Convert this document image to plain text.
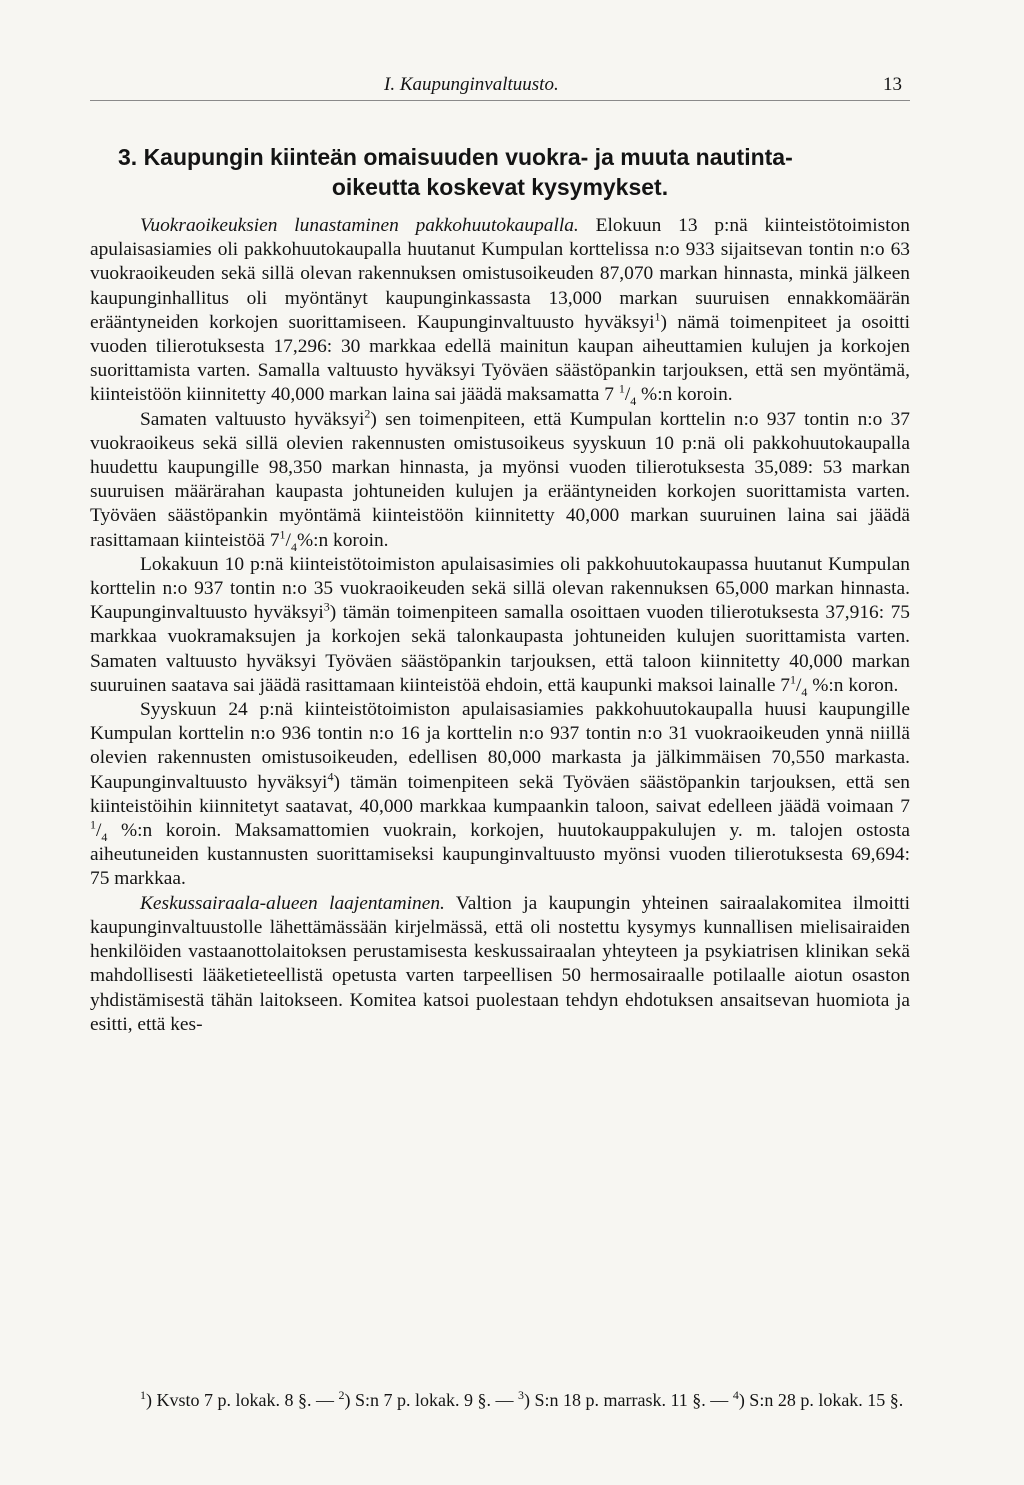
I. Kaupunginvaltuusto.	13
3. Kaupungin kiinteän omaisuuden vuokra- ja muuta nautinta-
oikeutta koskevat kysymykset.

Vuokraoikeuksien lunastaminen pakkohuutokaupalla. Elokuun 13 p:nä kiinteistötoimiston apulaisasiamies oli pakkohuutokaupalla huutanut Kumpulan korttelissa n:o 933 sijaitsevan tontin n:o 63 vuokraoikeuden sekä sillä olevan rakennuksen omistusoikeuden 87,070 markan hinnasta, minkä jälkeen kaupunginhallitus oli myöntänyt kaupunginkassasta 13,000 markan suuruisen ennakkomäärän erääntyneiden korkojen suorittamiseen. Kaupunginvaltuusto hyväksyi$^1$) nämä toimenpiteet ja osoitti vuoden tilierotuksesta 17,296: 30 markkaa edellä mainitun kaupan aiheuttamien kulujen ja korkojen suorittamista varten. Samalla valtuusto hyväksyi Työväen säästöpankin tarjouksen, että sen myöntämä, kiinteistöön kiinnitetty 40,000 markan laina sai jäädä maksamatta 7 $^1/_4$ %:n koroin.

Samaten valtuusto hyväksyi$^2$) sen toimenpiteen, että Kumpulan korttelin n:o 937 tontin n:o 37 vuokraoikeus sekä sillä olevien rakennusten omistusoikeus syyskuun 10 p:nä oli pakkohuutokaupalla huudettu kaupungille 98,350 markan hinnasta, ja myönsi vuoden tilierotuksesta 35,089: 53 markan suuruisen määrärahan kaupasta johtuneiden kulujen ja erääntyneiden korkojen suorittamista varten. Työväen säästöpankin myöntämä kiinteistöön kiinnitetty 40,000 markan suuruinen laina sai jäädä rasittamaan kiinteistöä $7^1/_4\%:n$ koroin.

Lokakuun 10 p:nä kiinteistötoimiston apulaisasimies oli pakkohuutokaupassa huutanut Kumpulan korttelin n:o 937 tontin n:o 35 vuokraoikeuden sekä sillä olevan rakennuksen 65,000 markan hinnasta. Kaupunginvaltuusto hyväksyi$^3$) tämän toimenpiteen samalla osoittaen vuoden tilierotuksesta 37,916: 75 markkaa vuokramaksujen ja korkojen sekä talonkaupasta johtuneiden kulujen suorittamista varten. Samaten valtuusto hyväksyi Työväen säästöpankin tarjouksen, että taloon kiinnitetty 40,000 markan suuruinen saatava sai jäädä rasittamaan kiinteistöä ehdoin, että kaupunki maksoi lainalle $7^1/_4$ %:n koron.

Syyskuun 24 p:nä kiinteistötoimiston apulaisasiamies pakkohuutokaupalla huusi kaupungille Kumpulan korttelin n:o 936 tontin n:o 16 ja korttelin n:o 937 tontin n:o 31 vuokraoikeuden ynnä niillä olevien rakennusten omistusoikeuden, edellisen 80,000 markasta ja jälkimmäisen 70,550 markasta. Kaupunginvaltuusto hyväksyi$^4$) tämän toimenpiteen sekä Työväen säästöpankin tarjouksen, että sen kiinteistöihin kiinnitetyt saatavat, 40,000 markkaa kumpaankin taloon, saivat edelleen jäädä voimaan 7 $^1/_4$ %:n koroin. Maksamattomien vuokrain, korkojen, huutokauppakulujen y. m. talojen ostosta aiheutuneiden kustannusten suorittamiseksi kaupunginvaltuusto myönsi vuoden tilierotuksesta 69,694: 75 markkaa.

Keskussairaala-alueen laajentaminen. Valtion ja kaupungin yhteinen sairaalakomitea ilmoitti kaupunginvaltuustolle lähettämässään kirjelmässä, että oli nostettu kysymys kunnallisen mielisairaiden henkilöiden vastaanottolaitoksen perustamisesta keskussairaalan yhteyteen ja psykiatrisen klinikan sekä mahdollisesti lääketieteellistä opetusta varten tarpeellisen 50 hermosairaalle potilaalle aiotun osaston yhdistämisestä tähän laitokseen. Komitea katsoi puolestaan tehdyn ehdotuksen ansaitsevan huomiota ja esitti, että kes-

$^1$) Kvsto 7 p. lokak. 8 §. — $^2$) S:n 7 p. lokak. 9 §. — $^3$) S:n 18 p. marrask. 11 §. — $^4$) S:n 28 p. lokak. 15 §.
